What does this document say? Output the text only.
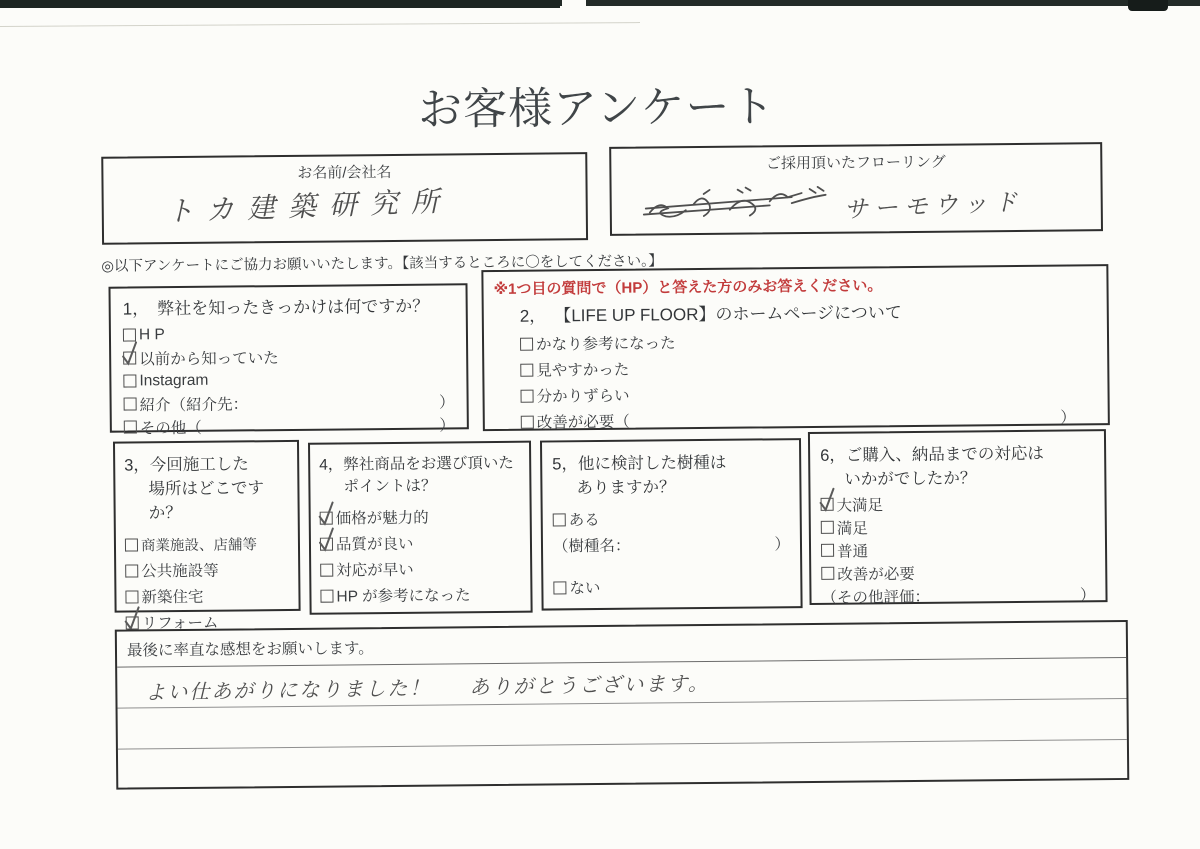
お客様アンケート
お名前/会社名
トカ建築研究所
ご採用頂いたフローリング
サーモウッド
◎以下アンケートにご協力お願いいたします。【該当するところに〇をしてください。】
1， 弊社を知ったきっかけは何ですか？
H P
以前から知っていた
Instagram
紹介（紹介先：	）
その他（	）
※1つ目の質問で（HP）と答えた方のみお答えください。
2， 【LIFE UP FLOOR】のホームページについて
かなり参考になった
見やすかった
分かりずらい
改善が必要（	）
3，今回施工した
場所はどこですか？
商業施設、店舗等
公共施設等
新築住宅
リフォーム
4，弊社商品をお選び頂いた
ポイントは？
価格が魅力的
品質が良い
対応が早い
HP が参考になった
5，他に検討した樹種は
ありますか？
ある
（樹種名：	）
ない
6，ご購入、納品までの対応は
いかがでしたか？
大満足
満足
普通
改善が必要
（その他評価：	）
最後に率直な感想をお願いします。
よい仕あがりになりました！ ありがとうございます。
